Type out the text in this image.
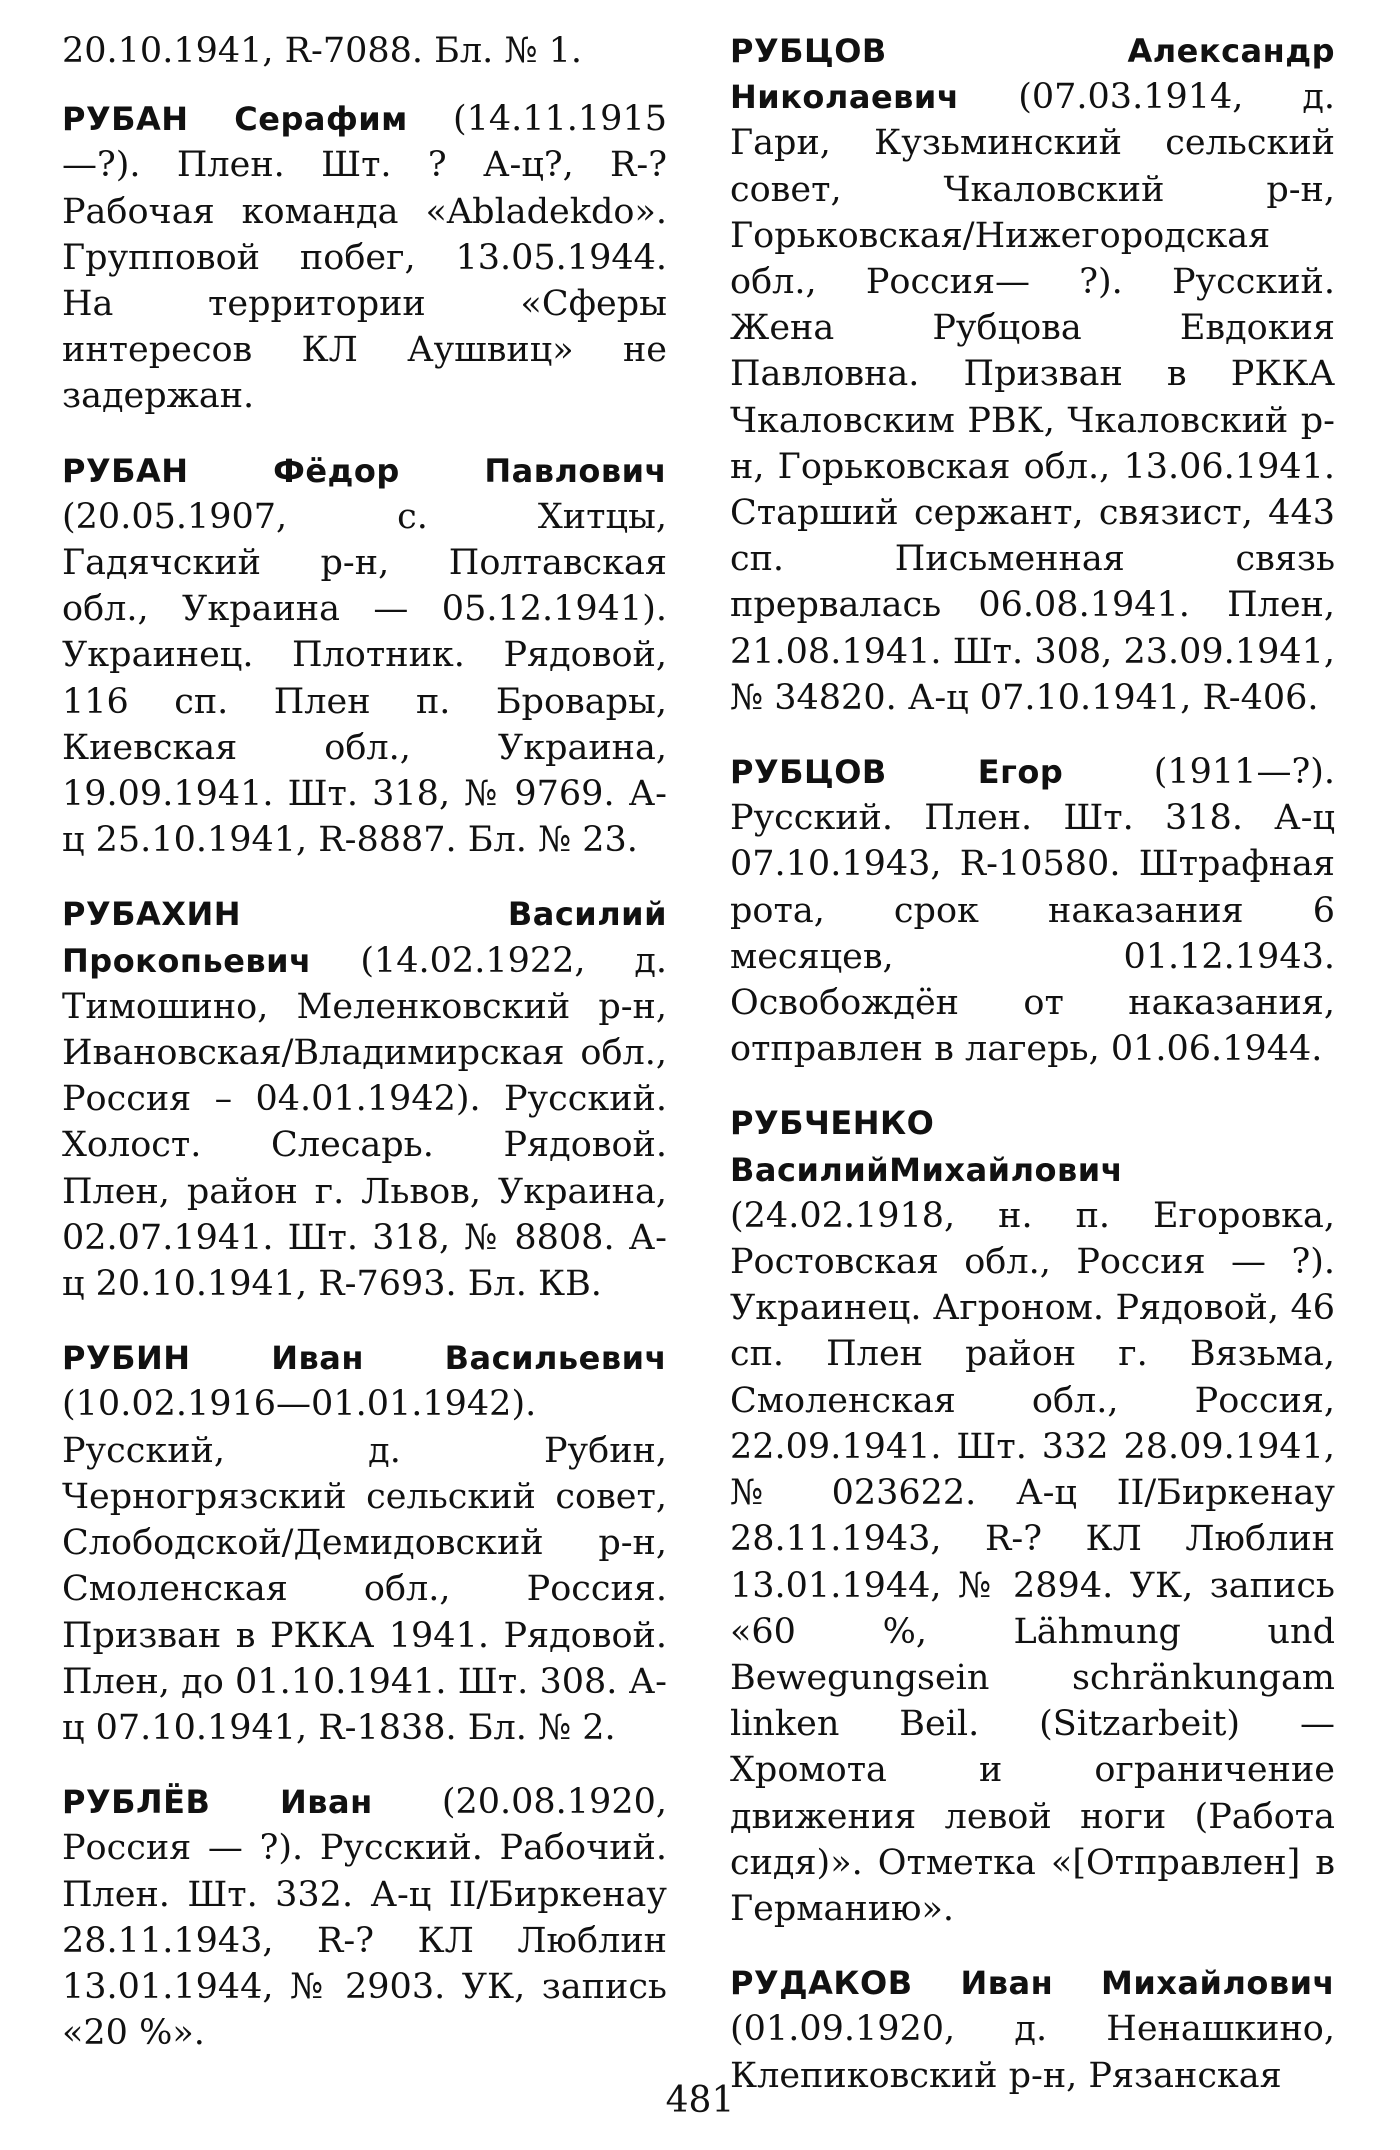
20.10.1941, R-7088. Бл. № 1.

РУБАН Серафим (14.11.1915—?). Плен. Шт. ? А-ц?, R-? Рабочая команда «Abladekdo». Групповой побег, 13.05.1944. На территории «Сферы интересов КЛ Аушвиц» не задержан.

РУБАН Фёдор Павлович (20.05.1907, с. Хитцы, Гадячский р-н, Полтавская обл., Украина — 05.12.1941). Украинец. Плотник. Рядовой, 116 сп. Плен п. Бровары, Киевская обл., Украина, 19.09.1941. Шт. 318, № 9769. А-ц 25.10.1941, R-8887. Бл. № 23.

РУБАХИН Василий Прокопьевич (14.02.1922, д. Тимошино, Меленковский р-н, Ивановская/Владимирская обл., Россия – 04.01.1942). Русский. Холост. Слесарь. Рядовой. Плен, район г. Львов, Украина, 02.07.1941. Шт. 318, № 8808. А-ц 20.10.1941, R-7693. Бл. КВ.

РУБИН Иван Васильевич (10.02.1916—01.01.1942). Русский, д. Рубин, Черногрязский сельский совет, Слободской/Демидовский р-н, Смоленская обл., Россия. Призван в РККА 1941. Рядовой. Плен, до 01.10.1941. Шт. 308. А-ц 07.10.1941, R-1838. Бл. № 2.

РУБЛЁВ Иван (20.08.1920, Россия — ?). Русский. Рабочий. Плен. Шт. 332. А-ц II/Биркенау 28.11.1943, R-? КЛ Люблин 13.01.1944, № 2903. УК, запись «20 %».

РУБЦОВ Александр Николаевич (07.03.1914, д. Гари, Кузьминский сельский совет, Чкаловский р-н, Горьковская/Нижегородская обл., Россия— ?). Русский. Жена Рубцова Евдокия Павловна. Призван в РККА Чкаловским РВК, Чкаловский р-н, Горьковская обл., 13.06.1941. Старший сержант, связист, 443 сп. Письменная связь прервалась 06.08.1941. Плен, 21.08.1941. Шт. 308, 23.09.1941, № 34820. А-ц 07.10.1941, R-406.

РУБЦОВ Егор (1911—?). Русский. Плен. Шт. 318. А-ц 07.10.1943, R-10580. Штрафная рота, срок наказания 6 месяцев, 01.12.1943. Освобождён от наказания, отправлен в лагерь, 01.06.1944.

РУБЧЕНКО ВасилийМихайлович (24.02.1918, н. п. Егоровка, Ростовская обл., Россия — ?). Украинец. Агроном. Рядовой, 46 сп. Плен район г. Вязьма, Смоленская обл., Россия, 22.09.1941. Шт. 332 28.09.1941, № 023622. А-ц II/Биркенау 28.11.1943, R-? КЛ Люблин 13.01.1944, № 2894. УК, запись «60 %, Lähmung und Bewegungsein schränkungam linken Beil. (Sitzarbeit) — Хромота и ограничение движения левой ноги (Работа сидя)». Отметка «[Отправлен] в Германию».

РУДАКОВ Иван Михайлович (01.09.1920, д. Ненашкино, Клепиковский р-н, Рязанская

481
